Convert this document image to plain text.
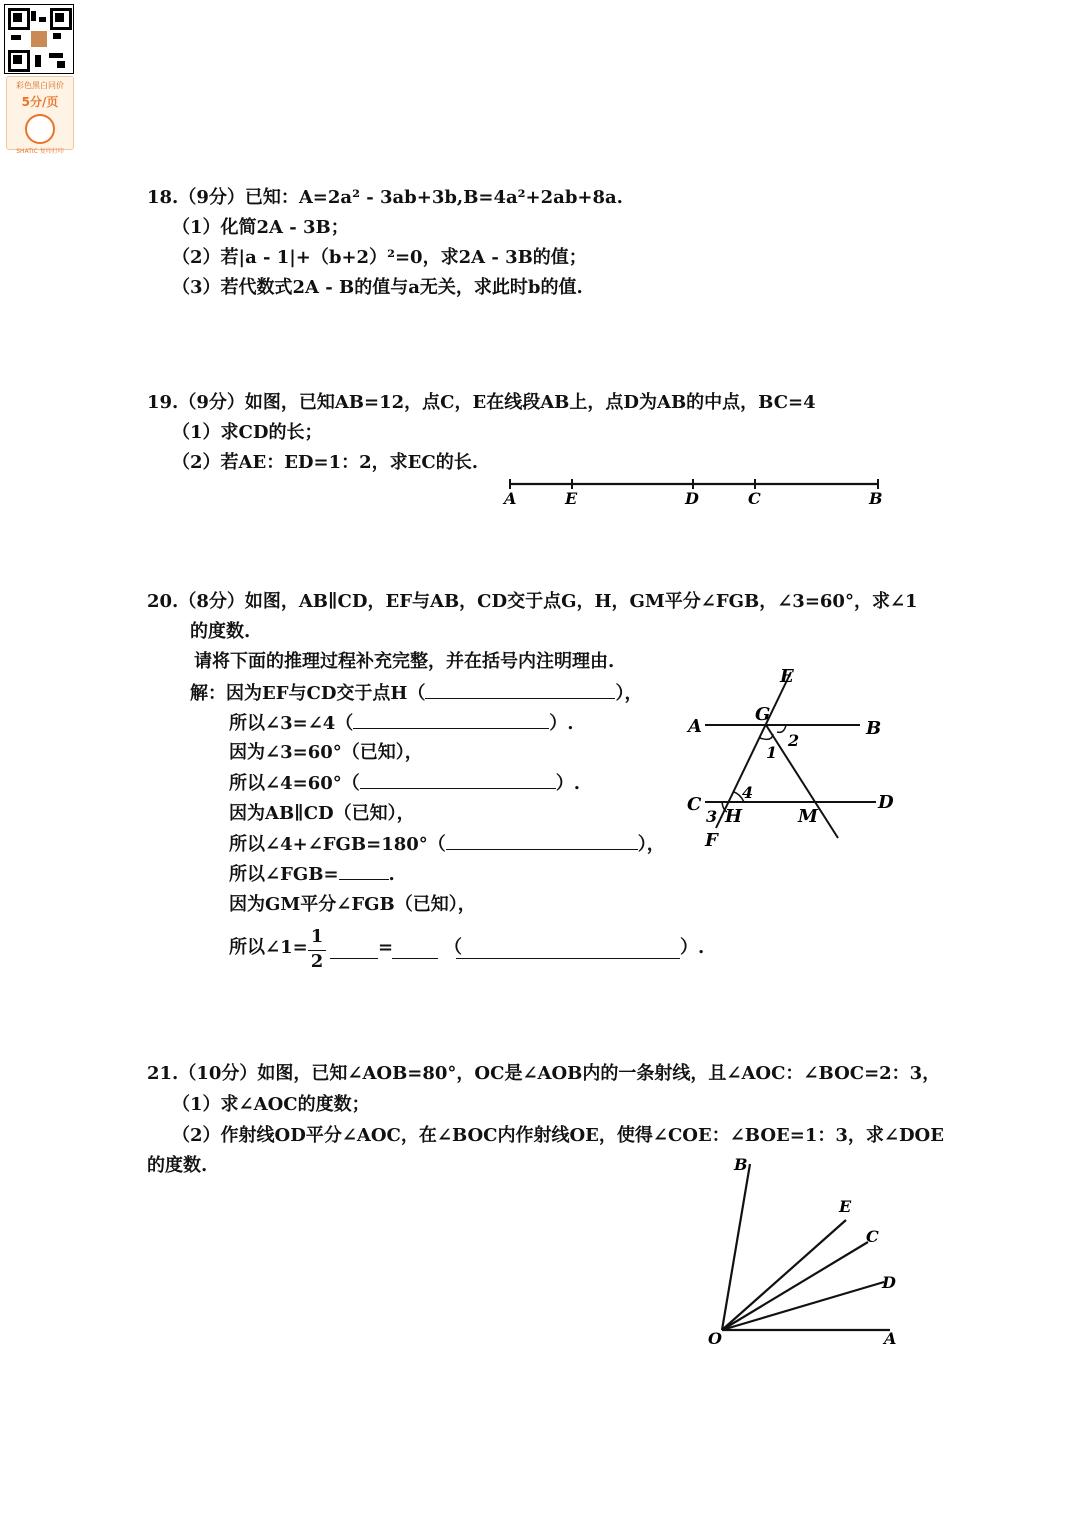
彩色黑白同价
5分/页
SHATIC 复印打印
18.（9分）已知：A=2a² - 3ab+3b,B=4a²+2ab+8a.
（1）化简2A - 3B；
（2）若|a - 1|+（b+2）²=0，求2A - 3B的值；
（3）若代数式2A - B的值与a无关，求此时b的值.
19.（9分）如图，已知AB=12，点C，E在线段AB上，点D为AB的中点，BC=4
（1）求CD的长；
（2）若AE：ED=1：2，求EC的长.
A	E	D	C	B
20.（8分）如图，AB∥CD，EF与AB，CD交于点G，H，GM平分∠FGB，∠3=60°，求∠1
的度数.
请将下面的推理过程补充完整，并在括号内注明理由.
解：因为EF与CD交于点H（	），
所以∠3=∠4（	）.
因为∠3=60°（已知），
所以∠4=60°（	）.
因为AB∥CD（已知），
所以∠4+∠FGB=180°（	），
所以∠FGB=	.
因为GM平分∠FGB（已知），
所以∠1=
1
2
=	（	）.
E
G
A	B
1
2
C
4	D
3 H	M
F
21.（10分）如图，已知∠AOB=80°，OC是∠AOB内的一条射线，且∠AOC：∠BOC=2：3，
（1）求∠AOC的度数；
（2）作射线OD平分∠AOC，在∠BOC内作射线OE，使得∠COE：∠BOE=1：3，求∠DOE
的度数.	B
E
C
D
O	A
